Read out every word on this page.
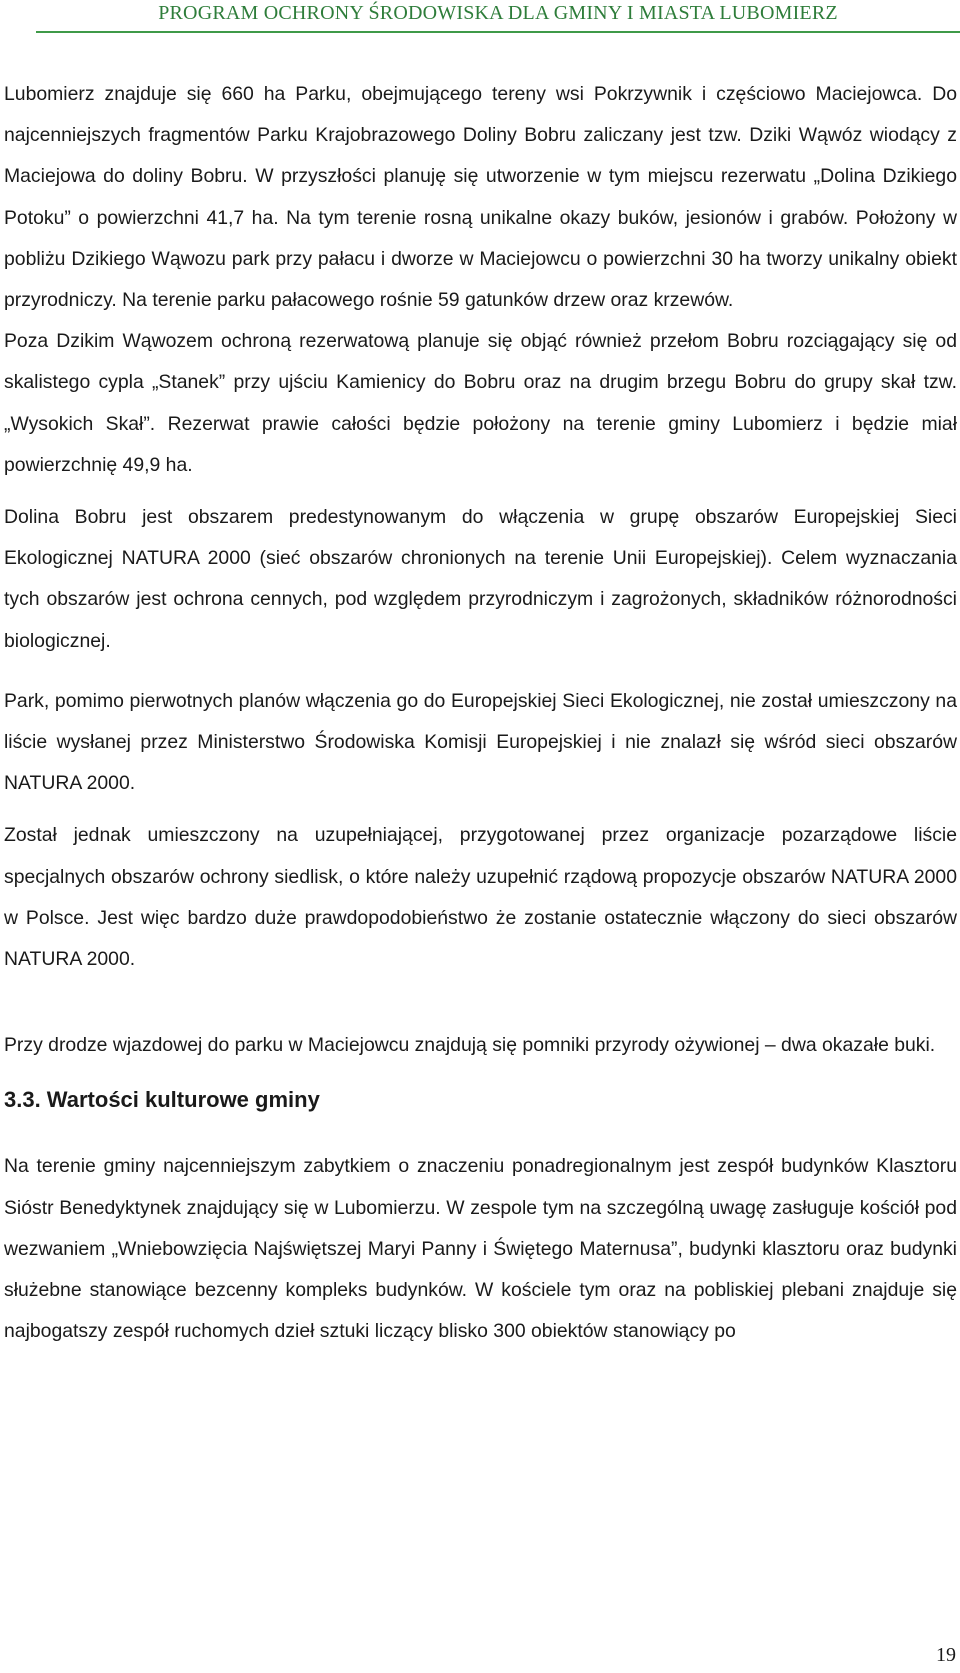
PROGRAM OCHRONY ŚRODOWISKA DLA GMINY I MIASTA LUBOMIERZ

Lubomierz znajduje się 660 ha Parku, obejmującego tereny wsi Pokrzywnik i częściowo Maciejowca. Do najcenniejszych fragmentów Parku Krajobrazowego Doliny Bobru zaliczany jest tzw. Dziki Wąwóz wiodący z Maciejowa do doliny Bobru. W przyszłości planuję się utworzenie w tym miejscu rezerwatu „Dolina Dzikiego Potoku” o powierzchni 41,7 ha. Na tym terenie rosną unikalne okazy buków, jesionów i grabów. Położony w pobliżu Dzikiego Wąwozu park przy pałacu i dworze w Maciejowcu o powierzchni 30 ha tworzy unikalny obiekt przyrodniczy. Na terenie parku pałacowego rośnie 59 gatunków drzew oraz krzewów.

Poza Dzikim Wąwozem ochroną rezerwatową planuje się objąć również przełom Bobru rozciągający się od skalistego cypla „Stanek” przy ujściu Kamienicy do Bobru oraz na drugim brzegu Bobru do grupy skał tzw. „Wysokich Skał”. Rezerwat prawie całości będzie położony na terenie gminy Lubomierz i będzie miał powierzchnię 49,9 ha.

Dolina Bobru jest obszarem predestynowanym do włączenia w grupę obszarów Europejskiej Sieci Ekologicznej NATURA 2000 (sieć obszarów chronionych na terenie Unii Europejskiej). Celem wyznaczania tych obszarów jest ochrona cennych, pod względem przyrodniczym i zagrożonych, składników różnorodności biologicznej.

Park, pomimo pierwotnych planów włączenia go do Europejskiej Sieci Ekologicznej, nie został umieszczony na liście wysłanej przez Ministerstwo Środowiska Komisji Europejskiej i nie znalazł się wśród sieci obszarów NATURA 2000.

Został jednak umieszczony na uzupełniającej, przygotowanej przez organizacje pozarządowe liście specjalnych obszarów ochrony siedlisk, o które należy uzupełnić rządową propozycje obszarów NATURA 2000 w Polsce. Jest więc bardzo duże prawdopodobieństwo że zostanie ostatecznie włączony do sieci obszarów NATURA 2000.

Przy drodze wjazdowej do parku w Maciejowcu znajdują się pomniki przyrody ożywionej – dwa okazałe buki.

3.3. Wartości kulturowe gminy

Na terenie gminy najcenniejszym zabytkiem o znaczeniu ponadregionalnym jest zespół budynków Klasztoru Sióstr Benedyktynek znajdujący się w Lubomierzu. W zespole tym na szczególną uwagę zasługuje kościół pod wezwaniem „Wniebowzięcia Najświętszej Maryi Panny i Świętego Maternusa”, budynki klasztoru oraz budynki służebne stanowiące bezcenny kompleks budynków. W kościele tym oraz na pobliskiej plebani znajduje się najbogatszy zespół ruchomych dzieł sztuki liczący blisko 300 obiektów stanowiący po

19
